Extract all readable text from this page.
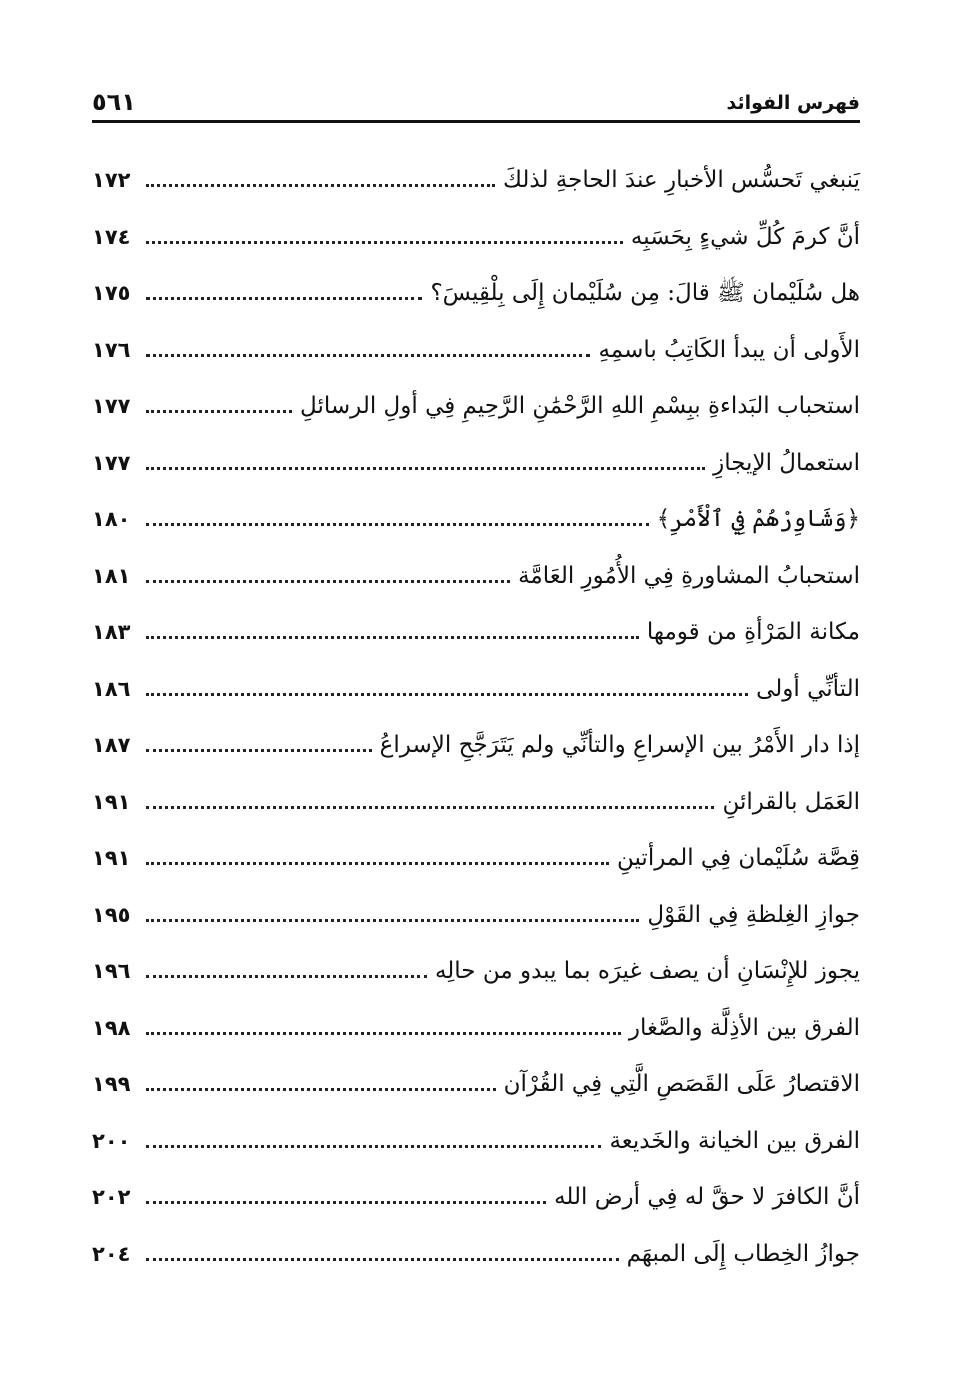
فهرس الفوائد
٥٦١
يَنبغي تَحسُّس الأخبارِ عندَ الحاجةِ لذلكَ
١٧٢
أنَّ كرمَ كُلِّ شيءٍ بِحَسَبِه
١٧٤
هل سُلَيْمان ﷺ قالَ: مِن سُلَيْمان إِلَى بِلْقِيسَ؟
١٧٥
الأَولى أن يبدأ الكَاتِبُ باسمِهِ
١٧٦
استحباب البَداءةِ ببِسْمِ اللهِ الرَّحْمَٰنِ الرَّحِيمِ فِي أولِ الرسائلِ
١٧٧
استعمالُ الإيجازِ
١٧٧
﴿وَشَاوِرْهُمْ فِي ٱلْأَمْرِ﴾
١٨٠
استحبابُ المشاورةِ فِي الأُمُورِ العَامَّة
١٨١
مكانة المَرْأةِ من قومها
١٨٣
التأنِّي أولى
١٨٦
إذا دار الأَمْرُ بين الإسراعِ والتأنِّي ولم يَتَرَجَّحِ الإسراعُ
١٨٧
العَمَل بالقرائنِ
١٩١
قِصَّة سُلَيْمان فِي المرأتينِ
١٩١
جوازِ الغِلظةِ فِي القَوْلِ
١٩٥
يجوز للإِنْسَانِ أن يصف غيرَه بما يبدو من حالِه
١٩٦
الفرق بين الأذِلَّة والصَّغار
١٩٨
الاقتصارُ عَلَى القَصَصِ الَّتِي فِي القُرْآن
١٩٩
الفرق بين الخيانة والخَديعة
٢٠٠
أنَّ الكافرَ لا حقَّ له فِي أرض الله
٢٠٢
جوازُ الخِطاب إِلَى المبهَم
٢٠٤
